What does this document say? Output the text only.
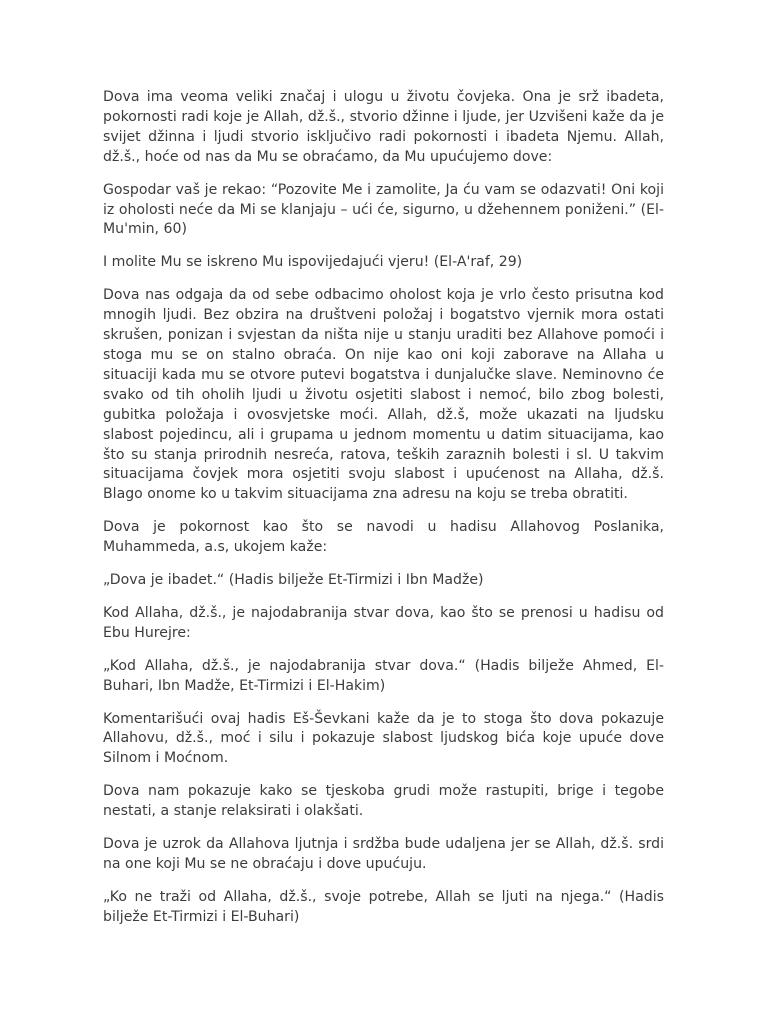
Dova ima veoma veliki značaj i ulogu u životu čovjeka. Ona je srž ibadeta, pokornosti radi koje je Allah, dž.š., stvorio džinne i ljude, jer Uzvišeni kaže da je svijet džinna i ljudi stvorio isključivo radi pokornosti i ibadeta Njemu. Allah, dž.š., hoće od nas da Mu se obraćamo, da Mu upućujemo dove:

Gospodar vaš je rekao: “Pozovite Me i zamolite, Ja ću vam se odazvati! Oni koji iz oholosti neće da Mi se klanjaju – ući će, sigurno, u džehennem poniženi.” (El-Mu'min, 60)

I molite Mu se iskreno Mu ispovijedajući vjeru! (El-A'raf, 29)

Dova nas odgaja da od sebe odbacimo oholost koja je vrlo često prisutna kod mnogih ljudi. Bez obzira na društveni položaj i bogatstvo vjernik mora ostati skrušen, ponizan i svjestan da ništa nije u stanju uraditi bez Allahove pomoći i stoga mu se on stalno obraća. On nije kao oni koji zaborave na Allaha u situaciji kada mu se otvore putevi bogatstva i dunjalučke slave. Neminovno će svako od tih oholih ljudi u životu osjetiti slabost i nemoć, bilo zbog bolesti, gubitka položaja i ovosvjetske moći. Allah, dž.š, može ukazati na ljudsku slabost pojedincu, ali i grupama u jednom momentu u datim situacijama, kao što su stanja prirodnih nesreća, ratova, teških zaraznih bolesti i sl. U takvim situacijama čovjek mora osjetiti svoju slabost i upućenost na Allaha, dž.š. Blago onome ko u takvim situacijama zna adresu na koju se treba obratiti.

Dova je pokornost kao što se navodi u hadisu Allahovog Poslanika, Muhammeda, a.s, ukojem kaže:

„Dova je ibadet.“ (Hadis bilježe Et-Tirmizi i Ibn Madže)

Kod Allaha, dž.š., je najodabranija stvar dova, kao što se prenosi u hadisu od Ebu Hurejre:

„Kod Allaha, dž.š., je najodabranija stvar dova.“ (Hadis bilježe Ahmed, El-Buhari, Ibn Madže, Et-Tirmizi i El-Hakim)

Komentarišući ovaj hadis Eš-Ševkani kaže da je to stoga što dova pokazuje Allahovu, dž.š., moć i silu i pokazuje slabost ljudskog bića koje upuće dove Silnom i Moćnom.

Dova nam pokazuje kako se tjeskoba grudi može rastupiti, brige i tegobe nestati, a stanje relaksirati i olakšati.

Dova je uzrok da Allahova ljutnja i srdžba bude udaljena jer se Allah, dž.š. srdi na one koji Mu se ne obraćaju i dove upućuju.

„Ko ne traži od Allaha, dž.š., svoje potrebe, Allah se ljuti na njega.“ (Hadis bilježe Et-Tirmizi i El-Buhari)
